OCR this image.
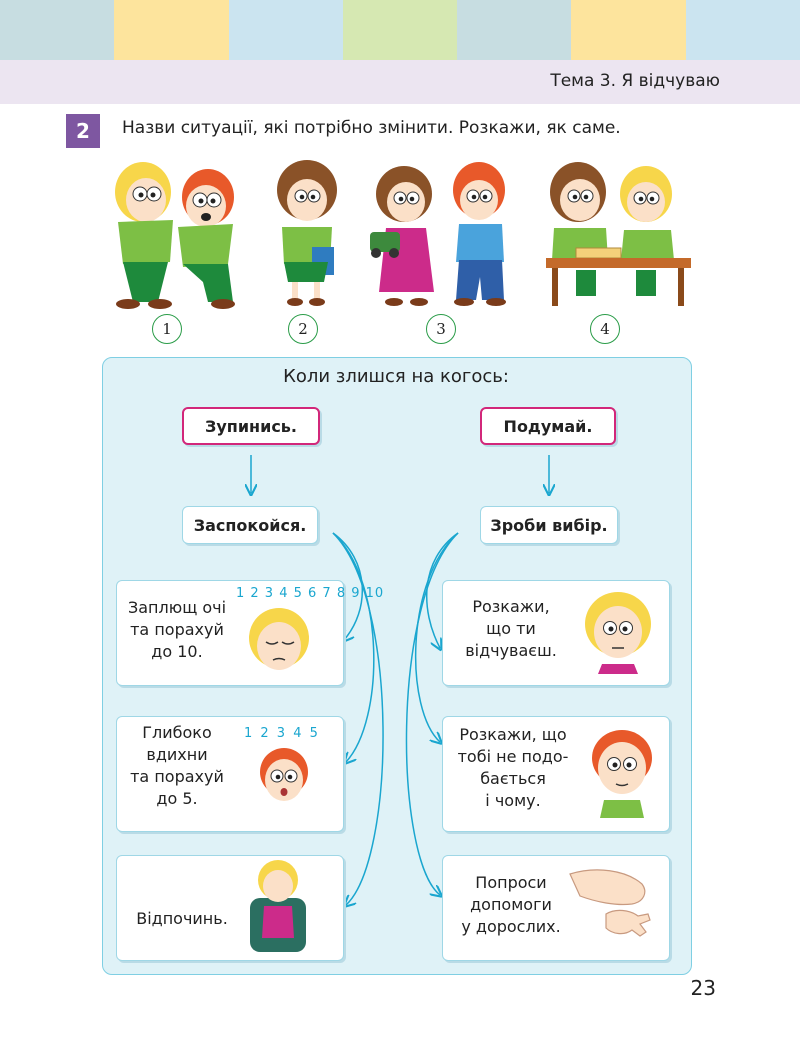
Тема 3. Я відчуваю
2	Назви ситуації, які потрібно змінити. Розкажи, як саме.
1	2	3	4
Коли злишся на когось:
Зупинись.	Подумай.
Заспокойся.	Зроби вибір.
Заплющ очі
та порахуй
до 10.
1 2 3 4 5 6 7 8 9 10
Глибоко
вдихни
та порахуй
до 5.
1 2 3 4 5
Відпочинь.
Розкажи,
що ти
відчуваєш.
Розкажи, що
тобі не подо-
бається
і чому.
Попроси
допомоги
у дорослих.
23
